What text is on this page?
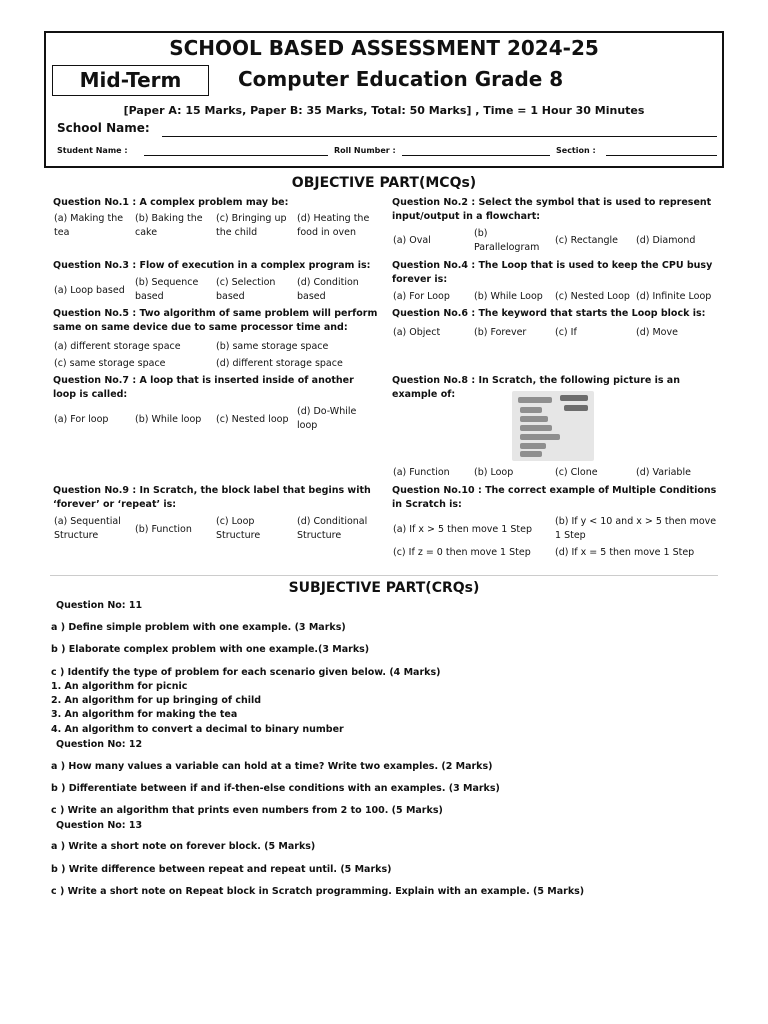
SCHOOL BASED ASSESSMENT 2024-25
Mid-Term	Computer Education Grade 8
[Paper A: 15 Marks, Paper B: 35 Marks, Total: 50 Marks] , Time = 1 Hour 30 Minutes
School Name:
Student Name :	Roll Number :	Section :
OBJECTIVE PART(MCQs)
Question No.1 : A complex problem may be:
(a) Making the tea
(b) Baking the cake
(c) Bringing up the child
(d) Heating the food in oven
Question No.2 : Select the symbol that is used to represent input/output in a flowchart:
(a) Oval
(b) Parallelogram
(c) Rectangle	(d) Diamond
Question No.3 : Flow of execution in a complex program is:
(a) Loop based
(b) Sequence based
(c) Selection based
(d) Condition based
Question No.4 : The Loop that is used to keep the CPU busy forever is:
(a) For Loop	(b) While Loop	(c) Nested Loop (d) Infinite Loop
Question No.5 : Two algorithm of same problem will perform same on same device due to same processor time and:
(a) different storage space	(b) same storage space
(c) same storage space	(d) different storage space
Question No.6 : The keyword that starts the Loop block is:
(a) Object	(b) Forever	(c) If	(d) Move
Question No.7 : A loop that is inserted inside of another loop is called:
(a) For loop	(b) While loop	(c) Nested loop
(d) Do-While loop
Question No.8 : In Scratch, the following picture is an example of:
(a) Function	(b) Loop	(c) Clone	(d) Variable
Question No.9 : In Scratch, the block label that begins with ‘forever’ or ‘repeat’ is:
(a) Sequential Structure
(b) Function
(c) Loop Structure
(d) Conditional Structure
Question No.10 : The correct example of Multiple Conditions in Scratch is:
(a) If x > 5 then move 1 Step
(b) If y < 10 and x > 5 then move 1 Step
(c) If z = 0 then move 1 Step	(d) If x = 5 then move 1 Step
SUBJECTIVE PART(CRQs)
Question No: 11
a ) Define simple problem with one example. (3 Marks)
b ) Elaborate complex problem with one example.(3 Marks)
c ) Identify the type of problem for each scenario given below. (4 Marks)
1. An algorithm for picnic
2. An algorithm for up bringing of child
3. An algorithm for making the tea
4. An algorithm to convert a decimal to binary number
Question No: 12
a ) How many values a variable can hold at a time? Write two examples. (2 Marks)
b ) Differentiate between if and if-then-else conditions with an examples. (3 Marks)
c ) Write an algorithm that prints even numbers from 2 to 100. (5 Marks)
Question No: 13
a ) Write a short note on forever block. (5 Marks)
b ) Write difference between repeat and repeat until. (5 Marks)
c ) Write a short note on Repeat block in Scratch programming. Explain with an example. (5 Marks)
